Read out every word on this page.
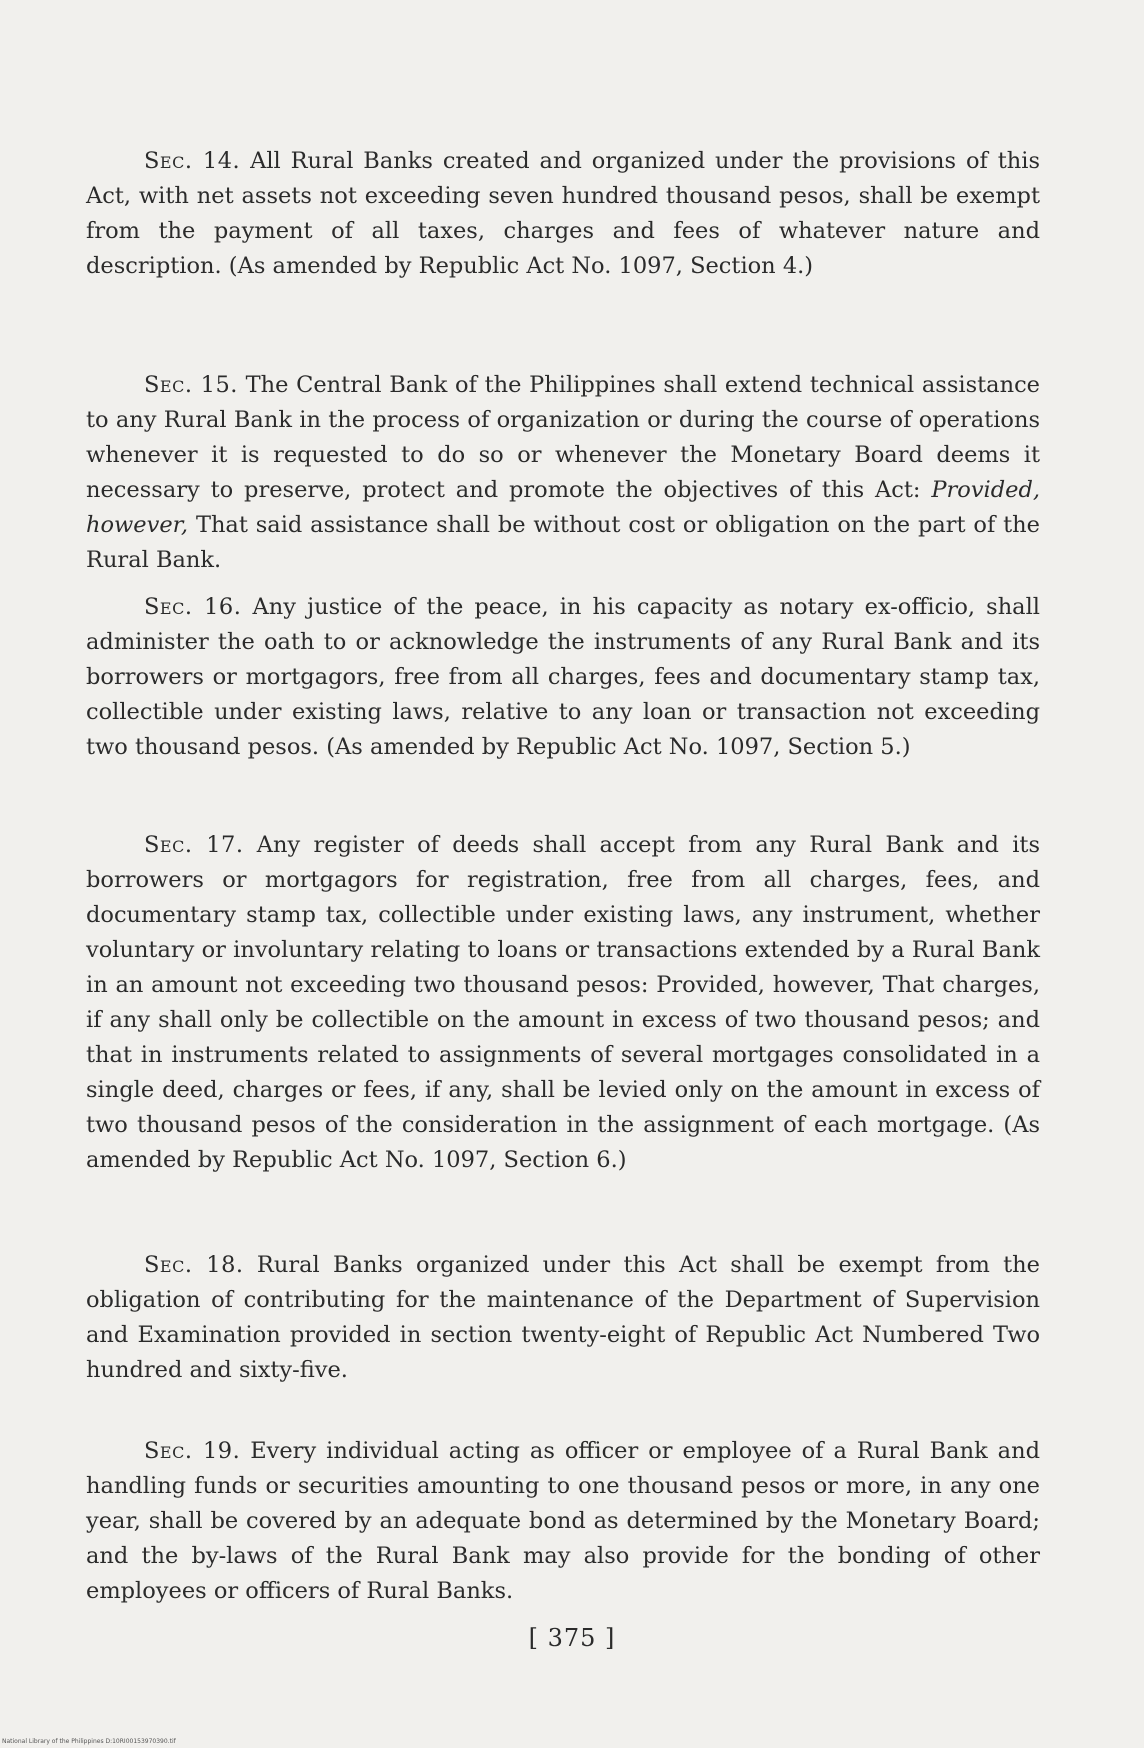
Sec. 14. All Rural Banks created and organized under the provisions of this Act, with net assets not exceeding seven hundred thousand pesos, shall be exempt from the payment of all taxes, charges and fees of whatever nature and description. (As amended by Republic Act No. 1097, Section 4.)

Sec. 15. The Central Bank of the Philippines shall extend technical assistance to any Rural Bank in the process of organization or during the course of operations whenever it is requested to do so or whenever the Monetary Board deems it necessary to preserve, protect and promote the objectives of this Act: Provided, however, That said assistance shall be without cost or obligation on the part of the Rural Bank.

Sec. 16. Any justice of the peace, in his capacity as notary ex-officio, shall administer the oath to or acknowledge the instruments of any Rural Bank and its borrowers or mortgagors, free from all charges, fees and documentary stamp tax, collectible under existing laws, relative to any loan or transaction not exceeding two thousand pesos. (As amended by Republic Act No. 1097, Section 5.)

Sec. 17. Any register of deeds shall accept from any Rural Bank and its borrowers or mortgagors for registration, free from all charges, fees, and documentary stamp tax, collectible under existing laws, any instrument, whether voluntary or involuntary relating to loans or transactions extended by a Rural Bank in an amount not exceeding two thousand pesos: Provided, however, That charges, if any shall only be collectible on the amount in excess of two thousand pesos; and that in instruments related to assignments of several mortgages consolidated in a single deed, charges or fees, if any, shall be levied only on the amount in excess of two thousand pesos of the consideration in the assignment of each mortgage. (As amended by Republic Act No. 1097, Section 6.)

Sec. 18. Rural Banks organized under this Act shall be exempt from the obligation of contributing for the maintenance of the Department of Supervision and Examination provided in section twenty-eight of Republic Act Numbered Two hundred and sixty-five.

Sec. 19. Every individual acting as officer or employee of a Rural Bank and handling funds or securities amounting to one thousand pesos or more, in any one year, shall be covered by an adequate bond as determined by the Monetary Board; and the by-laws of the Rural Bank may also provide for the bonding of other employees or officers of Rural Banks.

[ 375 ]
National Library of the Philippines D:10RI00153970390.tif
